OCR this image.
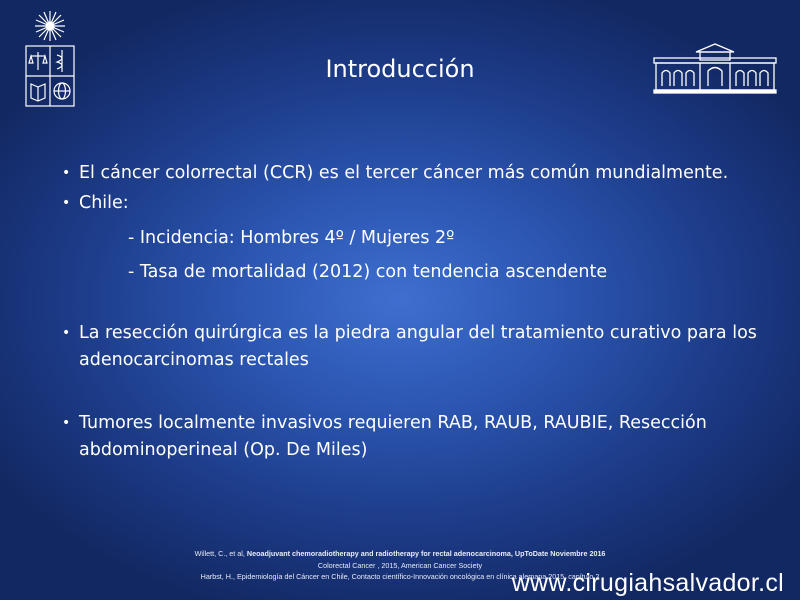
Introducción
• El cáncer colorrectal (CCR) es el tercer cáncer más común mundialmente.
• Chile:
- Incidencia: Hombres 4º / Mujeres 2º
- Tasa de mortalidad (2012) con tendencia ascendente
• La resección quirúrgica es la piedra angular del tratamiento curativo para los adenocarcinomas rectales
• Tumores localmente invasivos requieren RAB, RAUB, RAUBIE, Resección abdominoperineal (Op. De Miles)
Willett, C., et al, Neoadjuvant chemoradiotherapy and radiotherapy for rectal adenocarcinoma, UpToDate Noviembre 2016
Colorectal Cancer , 2015, American Cancer Society
Harbst, H., Epidemiología del Cáncer en Chile, Contacto científico-Innovación oncológica en clínica alemana 2015, capítulo 2
www.cirugiahsalvador.cl
